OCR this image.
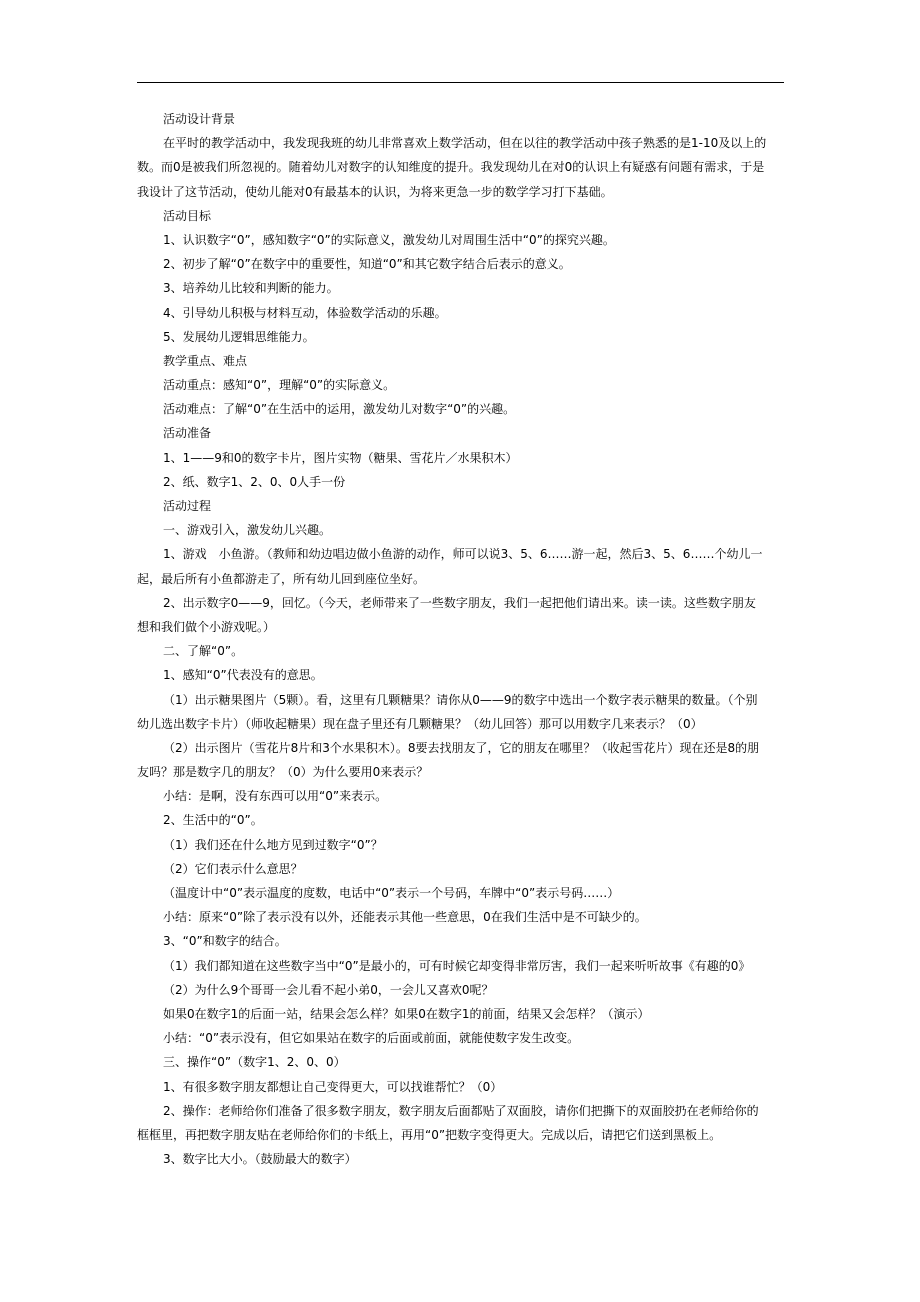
活动设计背景
在平时的教学活动中，我发现我班的幼儿非常喜欢上数学活动，但在以往的教学活动中孩子熟悉的是1-10及以上的
数。而0是被我们所忽视的。随着幼儿对数字的认知维度的提升。我发现幼儿在对0的认识上有疑惑有问题有需求，于是
我设计了这节活动，使幼儿能对0有最基本的认识，为将来更急一步的数学学习打下基础。
活动目标
1、认识数字“0”，感知数字“0”的实际意义，激发幼儿对周围生活中“0”的探究兴趣。
2、初步了解“0”在数字中的重要性，知道“0”和其它数字结合后表示的意义。
3、培养幼儿比较和判断的能力。
4、引导幼儿积极与材料互动，体验数学活动的乐趣。
5、发展幼儿逻辑思维能力。
教学重点、难点
活动重点：感知“0”，理解“0”的实际意义。
活动难点：了解“0”在生活中的运用，激发幼儿对数字“0”的兴趣。
活动准备
1、1——9和0的数字卡片，图片实物（糖果、雪花片／水果积木）
2、纸、数字1、2、0、0人手一份
活动过程
一、游戏引入，激发幼儿兴趣。
1、游戏　小鱼游。（教师和幼边唱边做小鱼游的动作，师可以说3、5、6……游一起，然后3、5、6……个幼儿一
起，最后所有小鱼都游走了，所有幼儿回到座位坐好。
2、出示数字0——9，回忆。（今天，老师带来了一些数字朋友，我们一起把他们请出来。读一读。这些数字朋友
想和我们做个小游戏呢。）
二、了解“0”。
1、感知“0”代表没有的意思。
（1）出示糖果图片（5颗）。看，这里有几颗糖果？请你从0——9的数字中选出一个数字表示糖果的数量。（个别
幼儿选出数字卡片）（师收起糖果）现在盘子里还有几颗糖果？（幼儿回答）那可以用数字几来表示？（0）
（2）出示图片（雪花片8片和3个水果积木）。8要去找朋友了，它的朋友在哪里？（收起雪花片）现在还是8的朋
友吗？那是数字几的朋友？（0）为什么要用0来表示？
小结：是啊，没有东西可以用“0”来表示。
2、生活中的“0”。
（1）我们还在什么地方见到过数字“0”？
（2）它们表示什么意思？
（温度计中“0”表示温度的度数，电话中“0”表示一个号码，车牌中“0”表示号码……）
小结：原来“0”除了表示没有以外，还能表示其他一些意思，0在我们生活中是不可缺少的。
3、“0”和数字的结合。
（1）我们都知道在这些数字当中“0”是最小的，可有时候它却变得非常厉害，我们一起来听听故事《有趣的0》
（2）为什么9个哥哥一会儿看不起小弟0，一会儿又喜欢0呢？
如果0在数字1的后面一站，结果会怎么样？如果0在数字1的前面，结果又会怎样？（演示）
小结：“0”表示没有，但它如果站在数字的后面或前面，就能使数字发生改变。
三、操作“0”（数字1、2、0、0）
1、有很多数字朋友都想让自己变得更大，可以找谁帮忙？（0）
2、操作：老师给你们准备了很多数字朋友，数字朋友后面都贴了双面胶，请你们把撕下的双面胶扔在老师给你的
框框里，再把数字朋友贴在老师给你们的卡纸上，再用“0”把数字变得更大。完成以后，请把它们送到黑板上。
3、数字比大小。（鼓励最大的数字）
